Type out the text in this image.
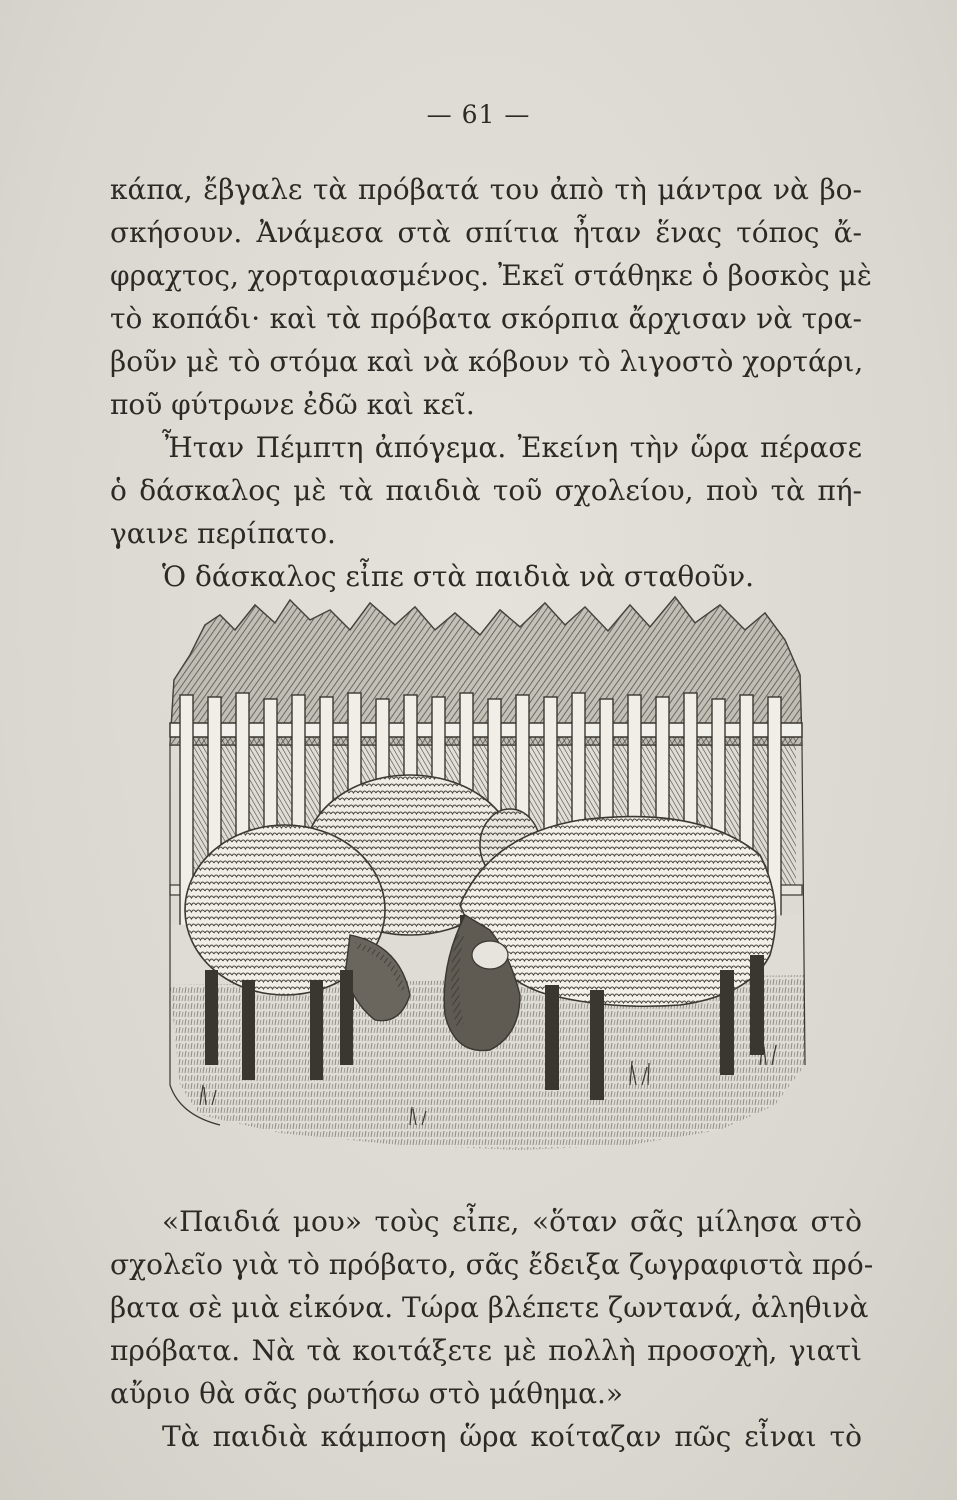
— 61 —
κάπα, ἔβγαλε τὰ πρόβατά του ἀπὸ τὴ μάντρα νὰ βο-
σκήσουν. Ἀνάμεσα στὰ σπίτια ἦταν ἕνας τόπος ἄ-
φραχτος, χορταριασμένος. Ἐκεῖ στάθηκε ὁ βοσκὸς μὲ
τὸ κοπάδι· καὶ τὰ πρόβατα σκόρπια ἄρχισαν νὰ τρα-
βοῦν μὲ τὸ στόμα καὶ νὰ κόβουν τὸ λιγοστὸ χορτάρι,
ποῦ φύτρωνε ἐδῶ καὶ κεῖ.
Ἦταν Πέμπτη ἀπόγεμα. Ἐκείνη τὴν ὥρα πέρασε
ὁ δάσκαλος μὲ τὰ παιδιὰ τοῦ σχολείου, ποὺ τὰ πή-
γαινε περίπατο.
Ὁ δάσκαλος εἶπε στὰ παιδιὰ νὰ σταθοῦν.
«Παιδιά μου» τοὺς εἶπε, «ὅταν σᾶς μίλησα στὸ
σχολεῖο γιὰ τὸ πρόβατο, σᾶς ἔδειξα ζωγραφιστὰ πρό-
βατα σὲ μιὰ εἰκόνα. Τώρα βλέπετε ζωντανά, ἀληθινὰ
πρόβατα. Νὰ τὰ κοιτάξετε μὲ πολλὴ προσοχὴ, γιατὶ
αὔριο θὰ σᾶς ρωτήσω στὸ μάθημα.»
Τὰ παιδιὰ κάμποση ὥρα κοίταζαν πῶς εἶναι τὸ
